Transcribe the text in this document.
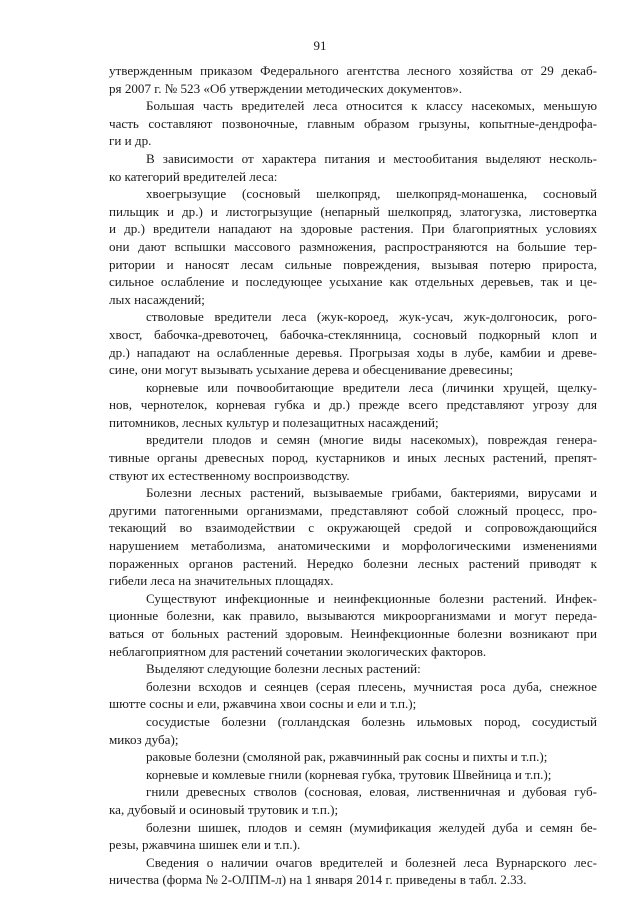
91
утвержденным приказом Федерального агентства лесного хозяйства от 29 декаб-
ря 2007 г. № 523 «Об утверждении методических документов».
Большая часть вредителей леса относится к классу насекомых, меньшую
часть составляют позвоночные, главным образом грызуны, копытные-дендрофа-
ги и др.
В зависимости от характера питания и местообитания выделяют несколь-
ко категорий вредителей леса:
хвоегрызущие (сосновый шелкопряд, шелкопряд-монашенка, сосновый
пильщик и др.) и листогрызущие (непарный шелкопряд, златогузка, листовертка
и др.) вредители нападают на здоровые растения. При благоприятных условиях
они дают вспышки массового размножения, распространяются на большие тер-
ритории и наносят лесам сильные повреждения, вызывая потерю прироста,
сильное ослабление и последующее усыхание как отдельных деревьев, так и це-
лых насаждений;
стволовые вредители леса (жук-короед, жук-усач, жук-долгоносик, рого-
хвост, бабочка-древоточец, бабочка-стеклянница, сосновый подкорный клоп и
др.) нападают на ослабленные деревья. Прогрызая ходы в лубе, камбии и древе-
сине, они могут вызывать усыхание дерева и обесценивание древесины;
корневые или почвообитающие вредители леса (личинки хрущей, щелку-
нов, чернотелок, корневая губка и др.) прежде всего представляют угрозу для
питомников, лесных культур и полезащитных насаждений;
вредители плодов и семян (многие виды насекомых), повреждая генера-
тивные органы древесных пород, кустарников и иных лесных растений, препят-
ствуют их естественному воспроизводству.
Болезни лесных растений, вызываемые грибами, бактериями, вирусами и
другими патогенными организмами, представляют собой сложный процесс, про-
текающий во взаимодействии с окружающей средой и сопровождающийся
нарушением метаболизма, анатомическими и морфологическими изменениями
пораженных органов растений. Нередко болезни лесных растений приводят к
гибели леса на значительных площадях.
Существуют инфекционные и неинфекционные болезни растений. Инфек-
ционные болезни, как правило, вызываются микроорганизмами и могут переда-
ваться от больных растений здоровым. Неинфекционные болезни возникают при
неблагоприятном для растений сочетании экологических факторов.
Выделяют следующие болезни лесных растений:
болезни всходов и сеянцев (серая плесень, мучнистая роса дуба, снежное
шютте сосны и ели, ржавчина хвои сосны и ели и т.п.);
сосудистые болезни (голландская болезнь ильмовых пород, сосудистый
микоз дуба);
раковые болезни (смоляной рак, ржавчинный рак сосны и пихты и т.п.);
корневые и комлевые гнили (корневая губка, трутовик Швейница и т.п.);
гнили древесных стволов (сосновая, еловая, лиственничная и дубовая губ-
ка, дубовый и осиновый трутовик и т.п.);
болезни шишек, плодов и семян (мумификация желудей дуба и семян бе-
резы, ржавчина шишек ели и т.п.).
Сведения о наличии очагов вредителей и болезней леса Вурнарского лес-
ничества (форма № 2-ОЛПМ-л) на 1 января 2014 г. приведены в табл. 2.33.
